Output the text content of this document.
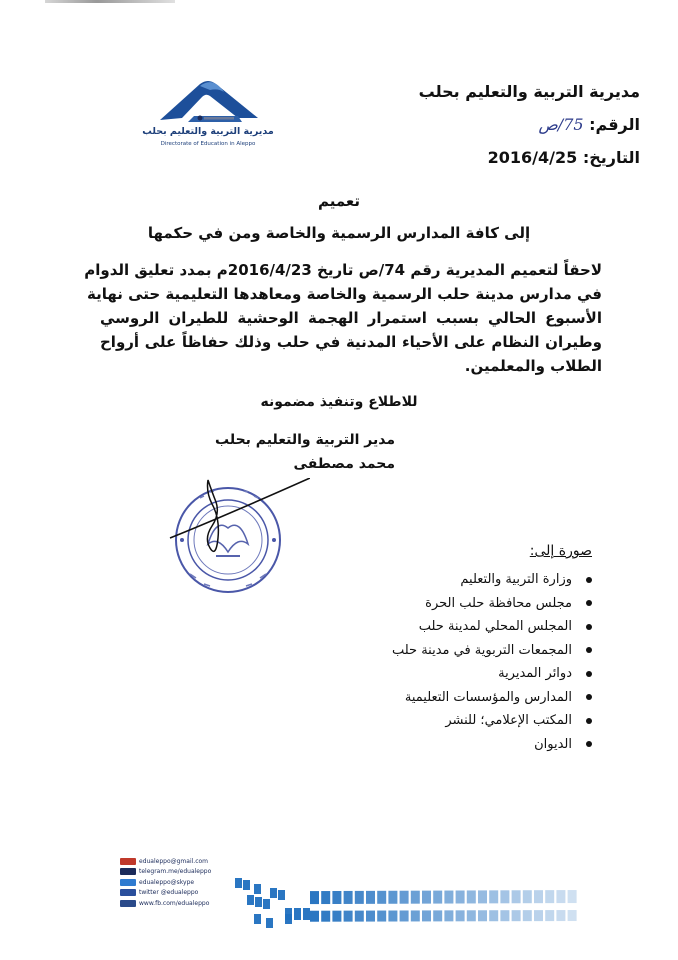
مديرية التربية والتعليم بحلب
Directorate of Education in Aleppo
مديرية التربية والتعليم بحلب
الرقم: 75/ص
التاريخ: 2016/4/25
تعميم
إلى كافة المدارس الرسمية والخاصة ومن في حكمها
لاحقاً لتعميم المديرية رقم 74/ص تاريخ 2016/4/23م بمدد تعليق الدوام
في مدارس مدينة حلب الرسمية والخاصة ومعاهدها التعليمية حتى نهاية
الأسبوع الحالي بسبب استمرار الهجمة الوحشية للطيران الروسي
وطيران النظام على الأحياء المدنية في حلب وذلك حفاظاً على أرواح
الطلاب والمعلمين.
للاطلاع وتنفيذ مضمونه
مدير التربية والتعليم بحلب
محمد مصطفى
صورة إلى:
وزارة التربية والتعليم
مجلس محافظة حلب الحرة
المجلس المحلي لمدينة حلب
المجمعات التربوية في مدينة حلب
دوائر المديرية
المدارس والمؤسسات التعليمية
المكتب الإعلامي؛ للنشر
الديوان
edualeppo@gmail.com
telegram.me/edualeppo
edualeppo@skype
twitter @edualeppo
www.fb.com/edualeppo
